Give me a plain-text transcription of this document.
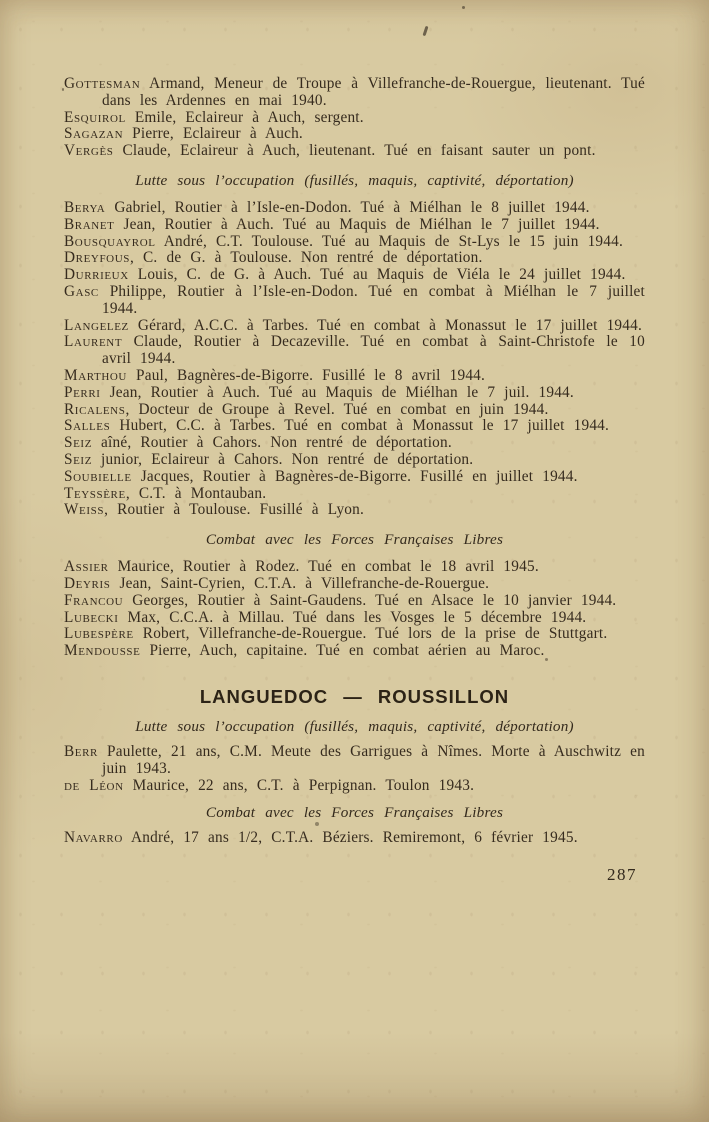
Gottesman Armand, Meneur de Troupe à Villefranche-de-Rouergue, lieutenant. Tué dans les Ardennes en mai 1940.
Esquirol Emile, Eclaireur à Auch, sergent.
Sagazan Pierre, Eclaireur à Auch.
Vergès Claude, Eclaireur à Auch, lieutenant. Tué en faisant sauter un pont.
Lutte sous l’occupation (fusillés, maquis, captivité, déportation)
Berya Gabriel, Routier à l’Isle-en-Dodon. Tué à Miélhan le 8 juillet 1944.
Branet Jean, Routier à Auch. Tué au Maquis de Miélhan le 7 juillet 1944.
Bousquayrol André, C.T. Toulouse. Tué au Maquis de St-Lys le 15 juin 1944.
Dreyfous, C. de G. à Toulouse. Non rentré de déportation.
Durrieux Louis, C. de G. à Auch. Tué au Maquis de Viéla le 24 juillet 1944.
Gasc Philippe, Routier à l’Isle-en-Dodon. Tué en combat à Miélhan le 7 juillet 1944.
Langelez Gérard, A.C.C. à Tarbes. Tué en combat à Monassut le 17 juillet 1944.
Laurent Claude, Routier à Decazeville. Tué en combat à Saint-Christofe le 10 avril 1944.
Marthou Paul, Bagnères-de-Bigorre. Fusillé le 8 avril 1944.
Perri Jean, Routier à Auch. Tué au Maquis de Miélhan le 7 juil. 1944.
Ricalens, Docteur de Groupe à Revel. Tué en combat en juin 1944.
Salles Hubert, C.C. à Tarbes. Tué en combat à Monassut le 17 juillet 1944.
Seiz aîné, Routier à Cahors. Non rentré de déportation.
Seiz junior, Eclaireur à Cahors. Non rentré de déportation.
Soubielle Jacques, Routier à Bagnères-de-Bigorre. Fusillé en juillet 1944.
Teyssère, C.T. à Montauban.
Weiss, Routier à Toulouse. Fusillé à Lyon.
Combat avec les Forces Françaises Libres
Assier Maurice, Routier à Rodez. Tué en combat le 18 avril 1945.
Deyris Jean, Saint-Cyrien, C.T.A. à Villefranche-de-Rouergue.
Francou Georges, Routier à Saint-Gaudens. Tué en Alsace le 10 janvier 1944.
Lubecki Max, C.C.A. à Millau. Tué dans les Vosges le 5 décembre 1944.
Lubespère Robert, Villefranche-de-Rouergue. Tué lors de la prise de Stuttgart.
Mendousse Pierre, Auch, capitaine. Tué en combat aérien au Maroc.
LANGUEDOC — ROUSSILLON
Lutte sous l’occupation (fusillés, maquis, captivité, déportation)
Berr Paulette, 21 ans, C.M. Meute des Garrigues à Nîmes. Morte à Auschwitz en juin 1943.
de Léon Maurice, 22 ans, C.T. à Perpignan. Toulon 1943.
Combat avec les Forces Françaises Libres
Navarro André, 17 ans 1/2, C.T.A. Béziers. Remiremont, 6 février 1945.
287
